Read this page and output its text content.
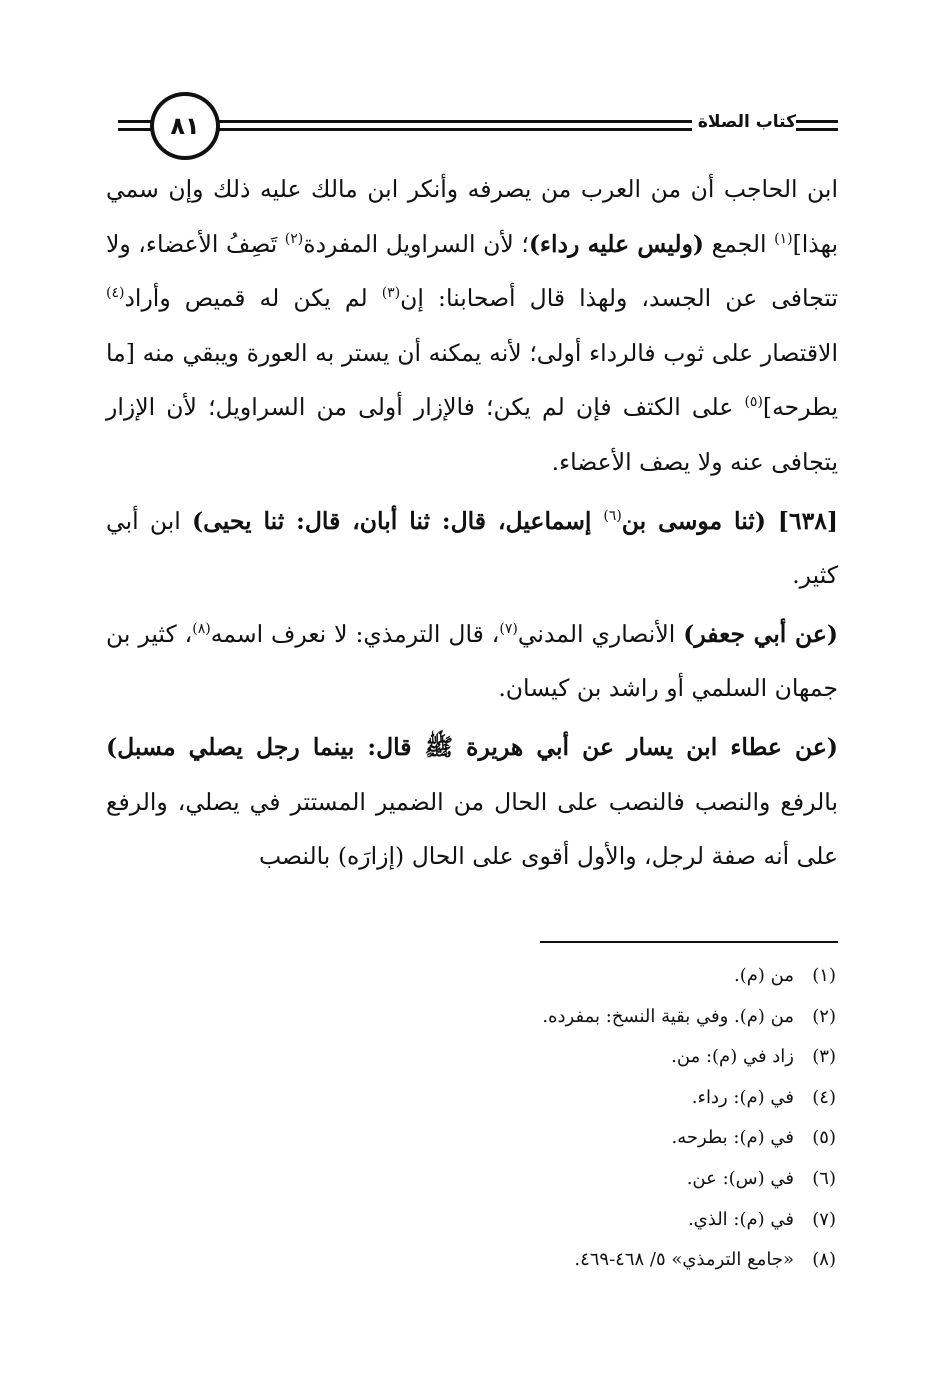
٨١	كتاب الصلاة

ابن الحاجب أن من العرب من يصرفه وأنكر ابن مالك عليه ذلك وإن سمي بهذا]$^{(١)}$ الجمع (وليس عليه رداء)؛ لأن السراويل المفردة$^{(٢)}$ تَصِفُ الأعضاء، ولا تتجافى عن الجسد، ولهذا قال أصحابنا: إن$^{(٣)}$ لم يكن له قميص وأراد$^{(٤)}$ الاقتصار على ثوب فالرداء أولى؛ لأنه يمكنه أن يستر به العورة ويبقي منه [ما يطرحه]$^{(٥)}$ على الكتف فإن لم يكن؛ فالإزار أولى من السراويل؛ لأن الإزار يتجافى عنه ولا يصف الأعضاء.

[٦٣٨] (ثنا موسى بن$^{(٦)}$ إسماعيل، قال: ثنا أبان، قال: ثنا يحيى) ابن أبي كثير.

(عن أبي جعفر) الأنصاري المدني$^{(٧)}$، قال الترمذي: لا نعرف اسمه$^{(٨)}$، كثير بن جمهان السلمي أو راشد بن كيسان.

(عن عطاء ابن يسار عن أبي هريرة ﷺ قال: بينما رجل يصلي مسبل) بالرفع والنصب فالنصب على الحال من الضمير المستتر في يصلي، والرفع على أنه صفة لرجل، والأول أقوى على الحال (إزارَه) بالنصب

(١)من (م).
(٢)من (م). وفي بقية النسخ: بمفرده.
(٣)زاد في (م): من.
(٤)في (م): رداء.
(٥)في (م): بطرحه.
(٦)في (س): عن.
(٧)في (م): الذي.
(٨)«جامع الترمذي» ٥/ ٤٦٨-٤٦٩.
